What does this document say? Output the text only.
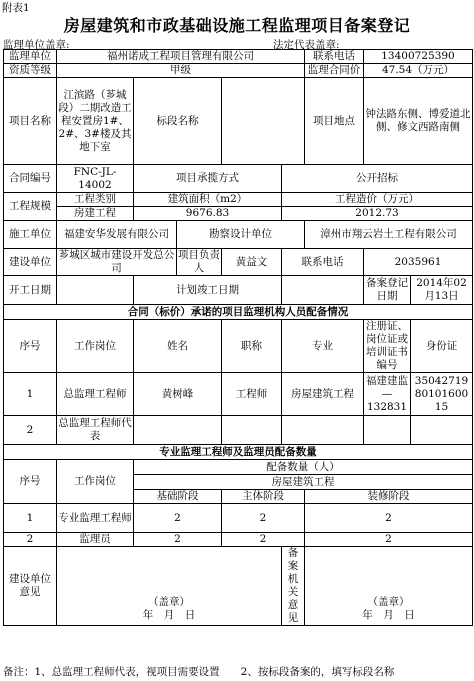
附表1
房屋建筑和市政基础设施工程监理项目备案登记
监理单位盖章:	法定代表盖章:
监理单位	福州诺成工程项目管理有限公司					联系电话	13400725390	
资质等级	甲级					监理合同价	47.54（万元）	
项目名称	江滨路（芗城段）二期改造工程安置房1#、2#、3#楼及其地下室	标段名称				项目地点	钟法路东侧、博爱道北侧、修文西路南侧	
合同编号	FNC-JL-14002	项目承揽方式			公开招标			
工程规模	工程类别	建筑面积（m2）			工程造价（万元）			
	房建工程	9676.83			2012.73			
施工单位	福建安华发展有限公司		勘察设计单位			漳州市翔云岩土工程有限公司		
建设单位	芗城区城市建设开发总公司		项目负责人	黄益文	联系电话		2035961	
开工日期		计划竣工日期					备案登记日期	2014年02月13日
合同（标价）承诺的项目监理机构人员配备情况								
序号	工作岗位	姓名		职称	专业		注册证、岗位证或培训证书编号	身份证
1	总监理工程师	黄树峰		工程师	房屋建筑工程		福建建监—132831	350427198010160015
2	总监理工程师代表							
专业监理工程师及监理员配备数量								
序号	工作岗位	配备数量（人）						
		房屋建筑工程						
		基础阶段		主体阶段		装修阶段		
1	专业监理工程师	2		2		2		
2	监理员	2		2		2		
建设单位意见	（盖章）
年　月　日				备案机关意见	（盖章）
年　月　日		
备注：1、总监理工程师代表，视项目需要设置　　2、按标段备案的，填写标段名称
